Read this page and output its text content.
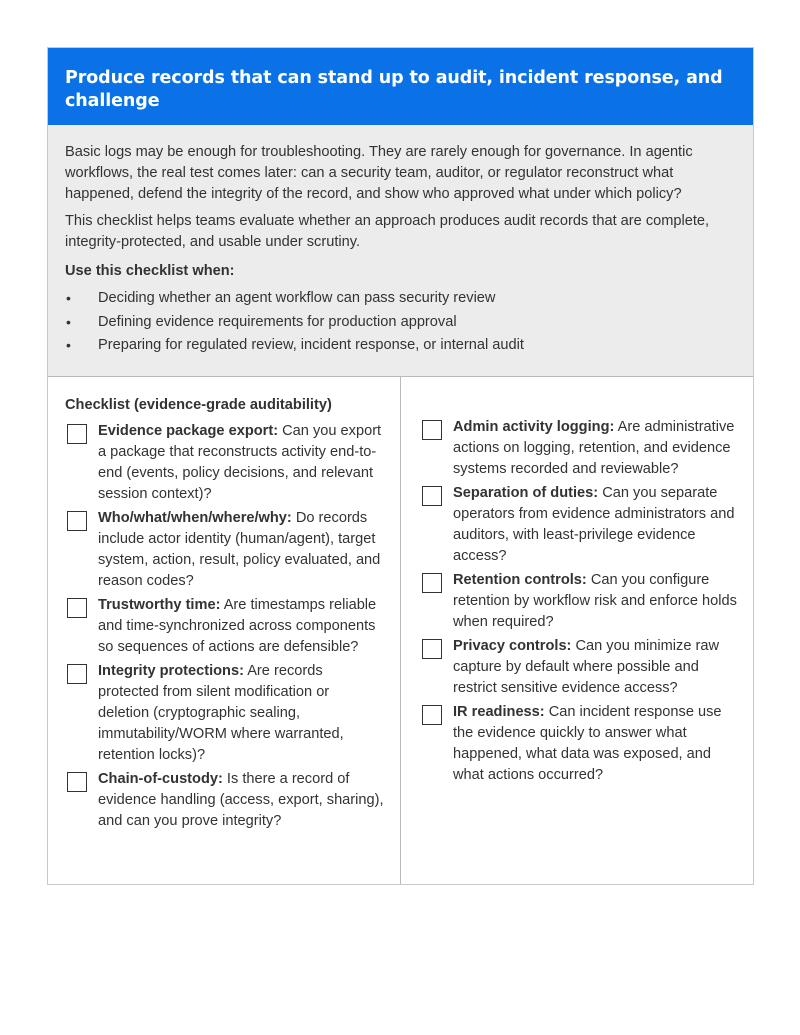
Produce records that can stand up to audit, incident response, and challenge

Basic logs may be enough for troubleshooting. They are rarely enough for governance. In agentic workflows, the real test comes later: can a security team, auditor, or regulator reconstruct what happened, defend the integrity of the record, and show who approved what under which policy?

This checklist helps teams evaluate whether an approach produces audit records that are complete, integrity-protected, and usable under scrutiny.

Use this checklist when:

• Deciding whether an agent workflow can pass security review
• Defining evidence requirements for production approval
• Preparing for regulated review, incident response, or internal audit
Checklist (evidence-grade auditability)
Evidence package export: Can you export a package that reconstructs activity end-to-end (events, policy decisions, and relevant session context)?
Who/what/when/where/why: Do records include actor identity (human/agent), target system, action, result, policy evaluated, and reason codes?
Trustworthy time: Are timestamps reliable and time-synchronized across components so sequences of actions are defensible?
Integrity protections: Are records protected from silent modification or deletion (cryptographic sealing, immutability/WORM where warranted, retention locks)?
Chain-of-custody: Is there a record of evidence handling (access, export, sharing), and can you prove integrity?
Admin activity logging: Are administrative actions on logging, retention, and evidence systems recorded and reviewable?
Separation of duties: Can you separate operators from evidence administrators and auditors, with least-privilege evidence access?
Retention controls: Can you configure retention by workflow risk and enforce holds when required?
Privacy controls: Can you minimize raw capture by default where possible and restrict sensitive evidence access?
IR readiness: Can incident response use the evidence quickly to answer what happened, what data was exposed, and what actions occurred?
